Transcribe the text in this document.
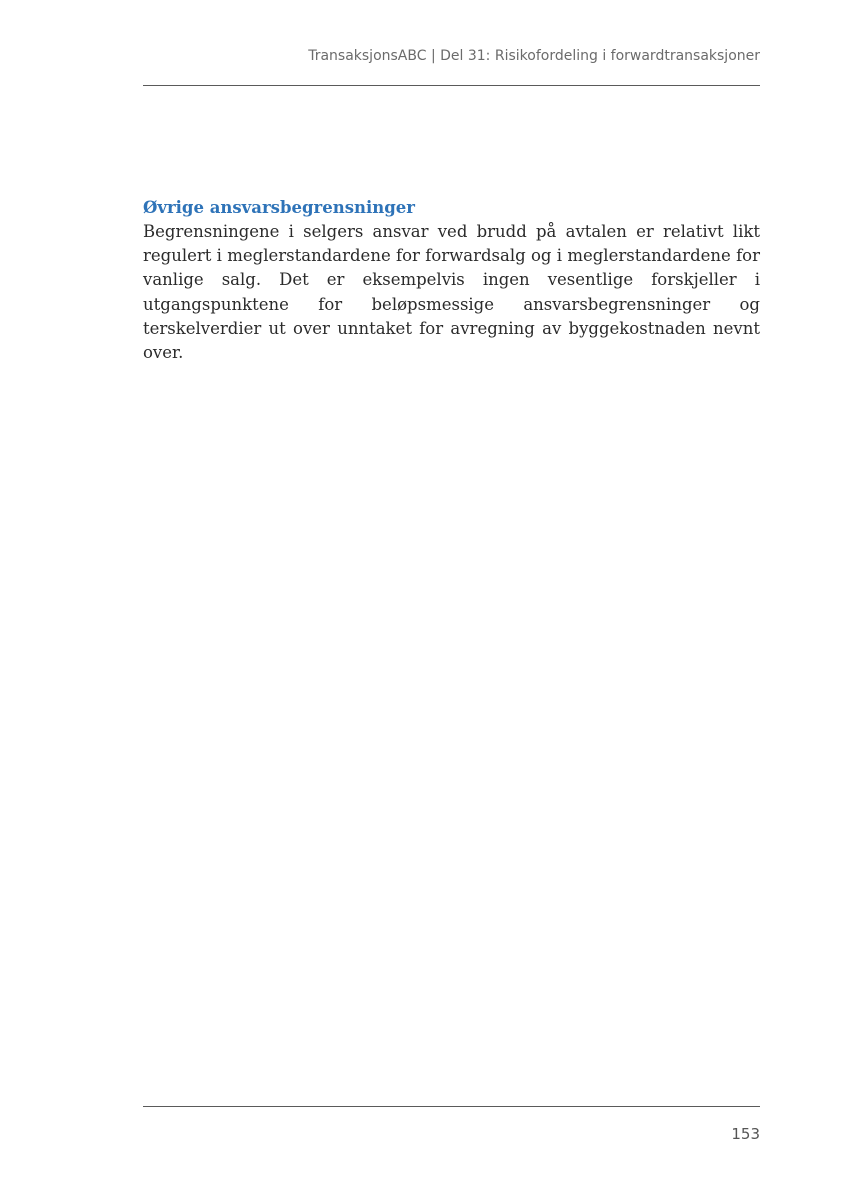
TransaksjonsABC | Del 31: Risikofordeling i forwardtransaksjoner
Øvrige ansvarsbegrensninger

Begrensningene i selgers ansvar ved brudd på avtalen er relativt likt regulert i meglerstandardene for forwardsalg og i meglerstandardene for vanlige salg. Det er eksempelvis ingen vesentlige forskjeller i utgangspunktene for beløpsmessige ansvarsbegrensninger og terskelverdier ut over unntaket for avregning av byggekostnaden nevnt over.

153
